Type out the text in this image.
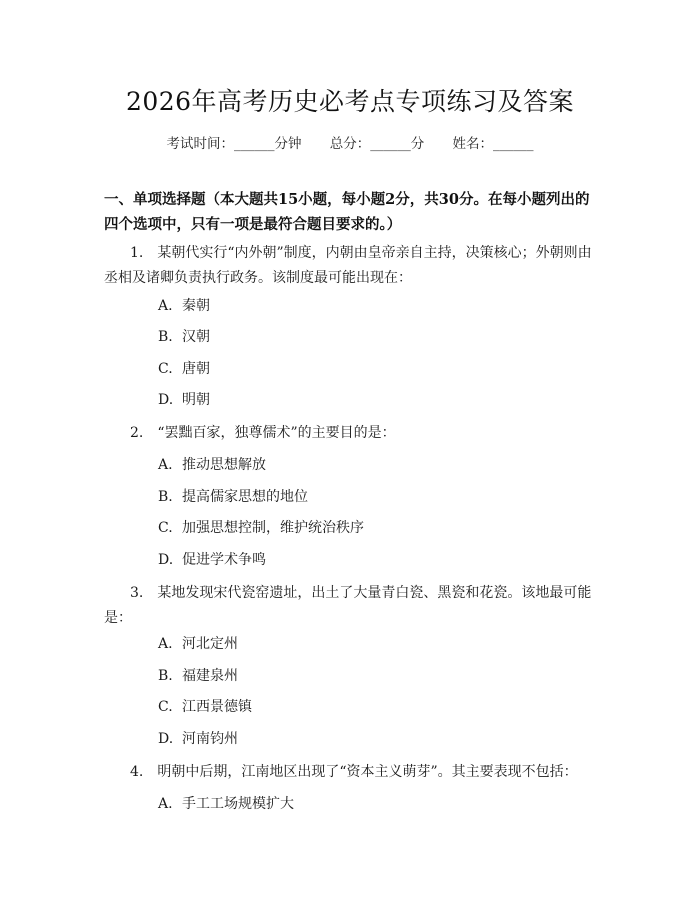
2026年高考历史必考点专项练习及答案
考试时间：______分钟 总分：______分 姓名：______
一、单项选择题（本大题共15小题，每小题2分，共30分。在每小题列出的四个选项中，只有一项是最符合题目要求的。）
1. 某朝代实行“内外朝”制度，内朝由皇帝亲自主持，决策核心；外朝则由丞相及诸卿负责执行政务。该制度最可能出现在：
A. 秦朝
B. 汉朝
C. 唐朝
D. 明朝
2. “罢黜百家，独尊儒术”的主要目的是：
A. 推动思想解放
B. 提高儒家思想的地位
C. 加强思想控制，维护统治秩序
D. 促进学术争鸣
3. 某地发现宋代瓷窑遗址，出土了大量青白瓷、黑瓷和花瓷。该地最可能是：
A. 河北定州
B. 福建泉州
C. 江西景德镇
D. 河南钧州
4. 明朝中后期，江南地区出现了“资本主义萌芽”。其主要表现不包括：
A. 手工工场规模扩大
